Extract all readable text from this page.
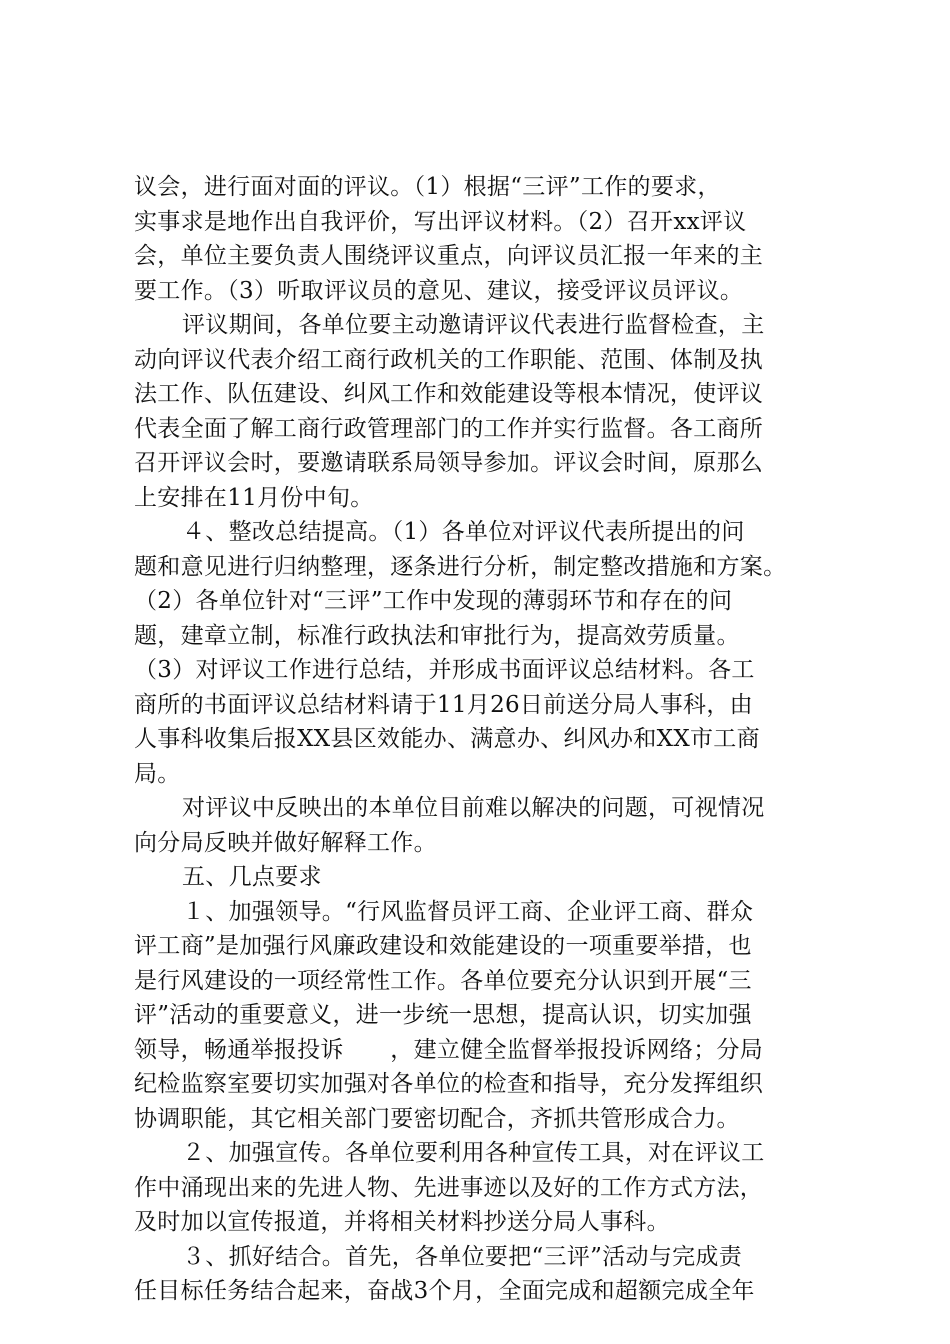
议会，进行面对面的评议。（1）根据“三评”工作的要求，
实事求是地作出自我评价，写出评议材料。（2）召开xx评议
会，单位主要负责人围绕评议重点，向评议员汇报一年来的主
要工作。（3）听取评议员的意见、建议，接受评议员评议。
评议期间，各单位要主动邀请评议代表进行监督检查，主
动向评议代表介绍工商行政机关的工作职能、范围、体制及执
法工作、队伍建设、纠风工作和效能建设等根本情况，使评议
代表全面了解工商行政管理部门的工作并实行监督。各工商所
召开评议会时，要邀请联系局领导参加。评议会时间，原那么
上安排在11月份中旬。
４、整改总结提高。（1）各单位对评议代表所提出的问
题和意见进行归纳整理，逐条进行分析，制定整改措施和方案。
（2）各单位针对“三评”工作中发现的薄弱环节和存在的问
题，建章立制，标准行政执法和审批行为，提高效劳质量。
（3）对评议工作进行总结，并形成书面评议总结材料。各工
商所的书面评议总结材料请于11月26日前送分局人事科，由
人事科收集后报XX县区效能办、满意办、纠风办和XX市工商
局。
对评议中反映出的本单位目前难以解决的问题，可视情况
向分局反映并做好解释工作。
五、几点要求
１、加强领导。“行风监督员评工商、企业评工商、群众
评工商”是加强行风廉政建设和效能建设的一项重要举措，也
是行风建设的一项经常性工作。各单位要充分认识到开展“三
评”活动的重要意义，进一步统一思想，提高认识，切实加强
领导，畅通举报投诉　　，建立健全监督举报投诉网络；分局
纪检监察室要切实加强对各单位的检查和指导，充分发挥组织
协调职能，其它相关部门要密切配合，齐抓共管形成合力。
２、加强宣传。各单位要利用各种宣传工具，对在评议工
作中涌现出来的先进人物、先进事迹以及好的工作方式方法，
及时加以宣传报道，并将相关材料抄送分局人事科。
３、抓好结合。首先，各单位要把“三评”活动与完成责
任目标任务结合起来，奋战3个月，全面完成和超额完成全年
